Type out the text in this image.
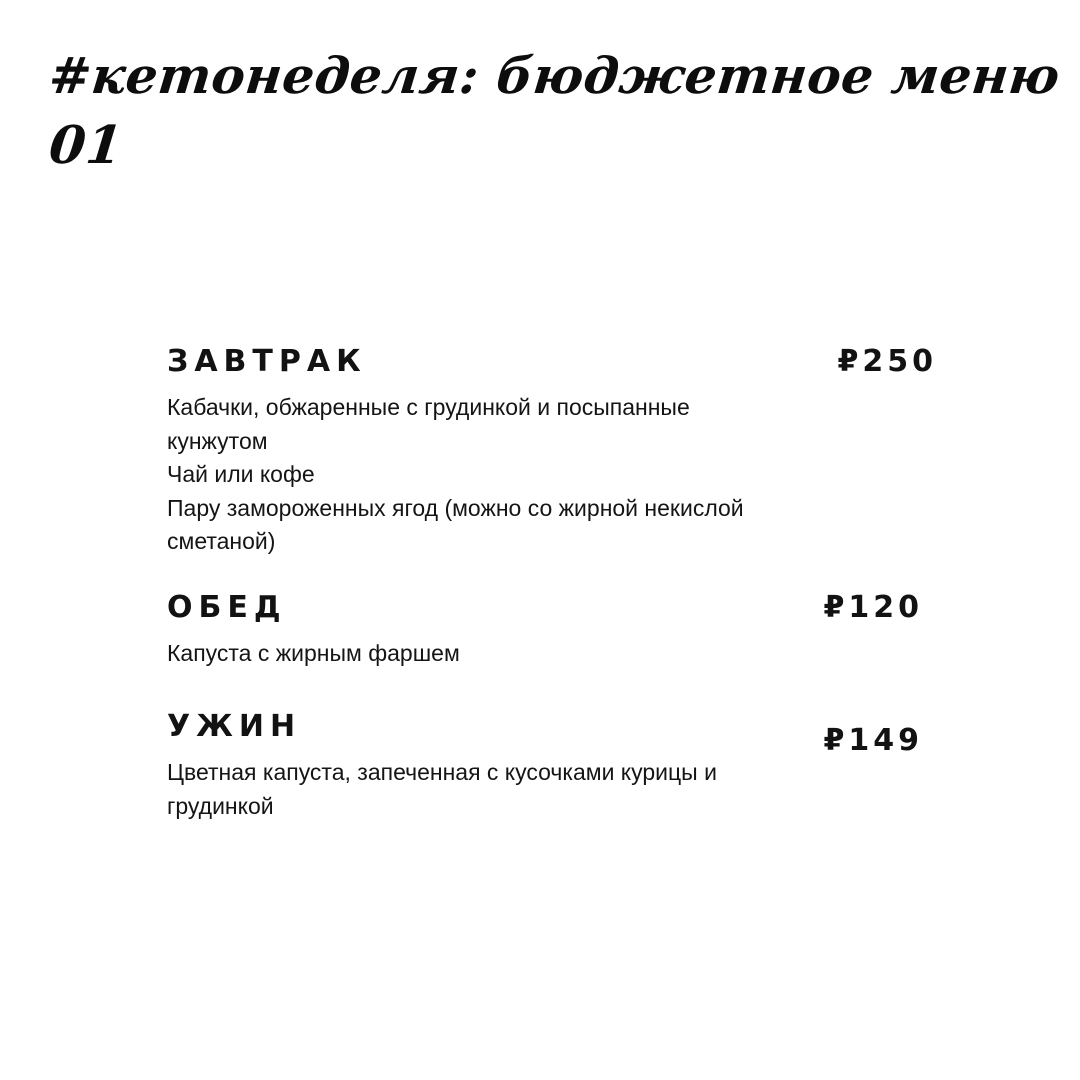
#кетонеделя: бюджетное меню
01
ЗАВТРАК	₽250
Кабачки, обжаренные с грудинкой и посыпанные кунжутом
Чай или кофе
Пару замороженных ягод (можно со жирной некислой сметаной)
ОБЕД	₽120
Капуста с жирным фаршем
УЖИН	₽149
Цветная капуста, запеченная с кусочками курицы и грудинкой
